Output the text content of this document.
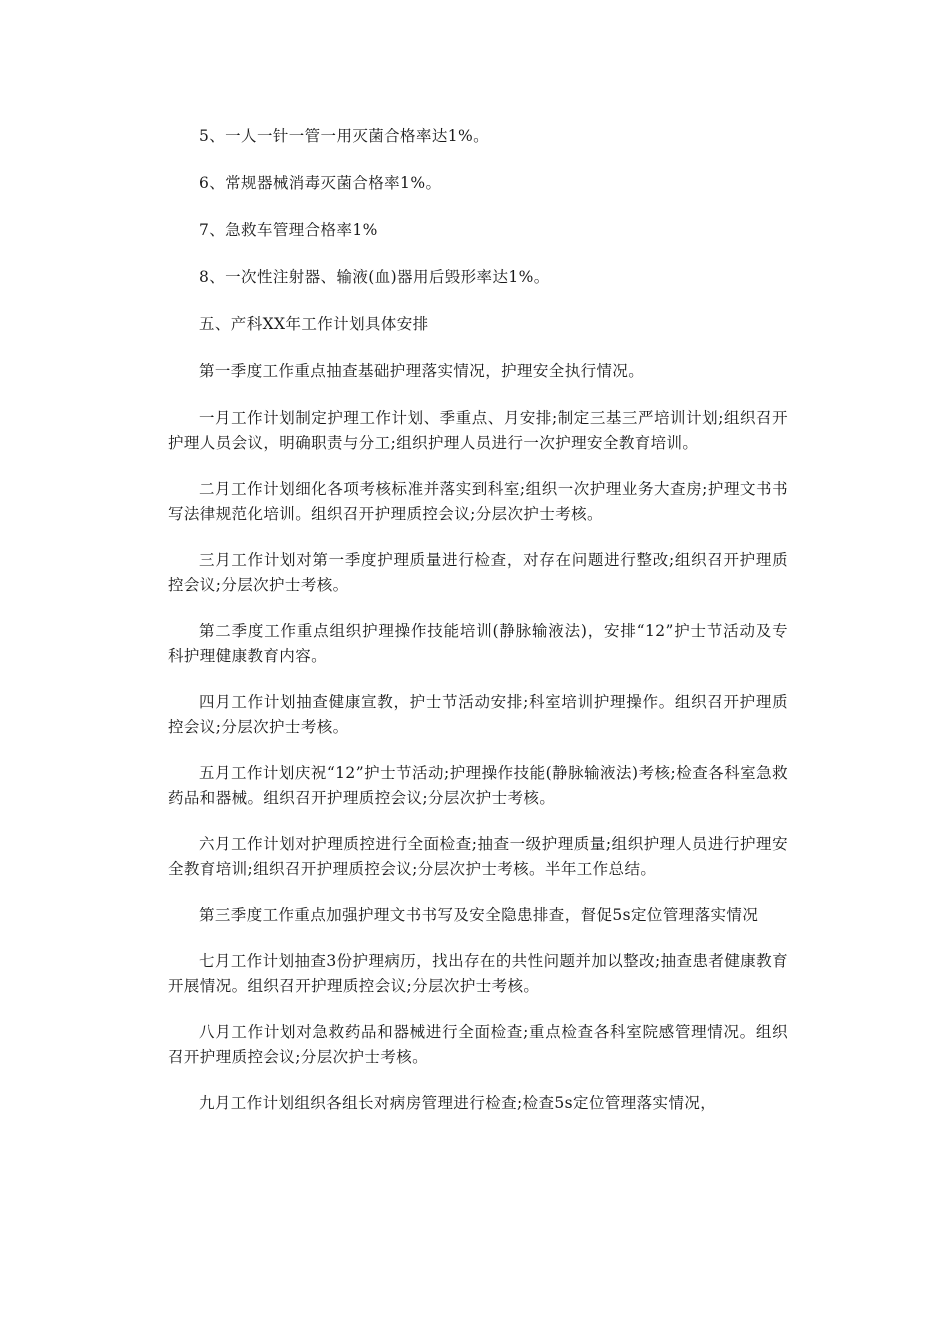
5、一人一针一管一用灭菌合格率达1%。

6、常规器械消毒灭菌合格率1%。

7、急救车管理合格率1%

8、一次性注射器、输液(血)器用后毁形率达1%。

五、产科XX年工作计划具体安排

第一季度工作重点抽查基础护理落实情况，护理安全执行情况。

一月工作计划制定护理工作计划、季重点、月安排;制定三基三严培训计划;组织召开护理人员会议，明确职责与分工;组织护理人员进行一次护理安全教育培训。

二月工作计划细化各项考核标准并落实到科室;组织一次护理业务大查房;护理文书书写法律规范化培训。组织召开护理质控会议;分层次护士考核。

三月工作计划对第一季度护理质量进行检查，对存在问题进行整改;组织召开护理质控会议;分层次护士考核。

第二季度工作重点组织护理操作技能培训(静脉输液法)，安排“12”护士节活动及专科护理健康教育内容。

四月工作计划抽查健康宣教，护士节活动安排;科室培训护理操作。组织召开护理质控会议;分层次护士考核。

五月工作计划庆祝“12”护士节活动;护理操作技能(静脉输液法)考核;检查各科室急救药品和器械。组织召开护理质控会议;分层次护士考核。

六月工作计划对护理质控进行全面检查;抽查一级护理质量;组织护理人员进行护理安全教育培训;组织召开护理质控会议;分层次护士考核。半年工作总结。

第三季度工作重点加强护理文书书写及安全隐患排查，督促5s定位管理落实情况

七月工作计划抽查3份护理病历，找出存在的共性问题并加以整改;抽查患者健康教育开展情况。组织召开护理质控会议;分层次护士考核。

八月工作计划对急救药品和器械进行全面检查;重点检查各科室院感管理情况。组织召开护理质控会议;分层次护士考核。

九月工作计划组织各组长对病房管理进行检查;检查5s定位管理落实情况，
